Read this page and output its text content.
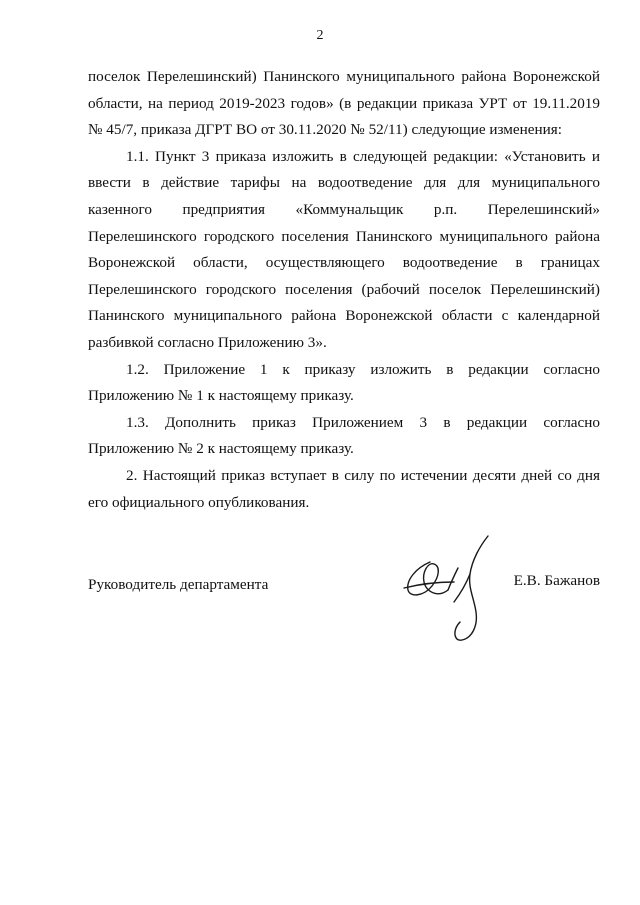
2

поселок Перелешинский) Панинского муниципального района Воронежской области, на период 2019-2023 годов» (в редакции приказа УРТ от 19.11.2019 № 45/7, приказа ДГРТ ВО от 30.11.2020 № 52/11) следующие изменения:

1.1. Пункт 3 приказа изложить в следующей редакции: «Установить и ввести в действие тарифы на водоотведение для для муниципального казенного предприятия «Коммунальщик р.п. Перелешинский» Перелешинского городского поселения Панинского муниципального района Воронежской области, осуществляющего водоотведение в границах Перелешинского городского поселения (рабочий поселок Перелешинский) Панинского муниципального района Воронежской области с календарной разбивкой согласно Приложению 3».

1.2. Приложение 1 к приказу изложить в редакции согласно Приложению № 1 к настоящему приказу.

1.3. Дополнить приказ Приложением 3 в редакции согласно Приложению № 2 к настоящему приказу.

2. Настоящий приказ вступает в силу по истечении десяти дней со дня его официального опубликования.

Руководитель департамента	Е.В. Бажанов
